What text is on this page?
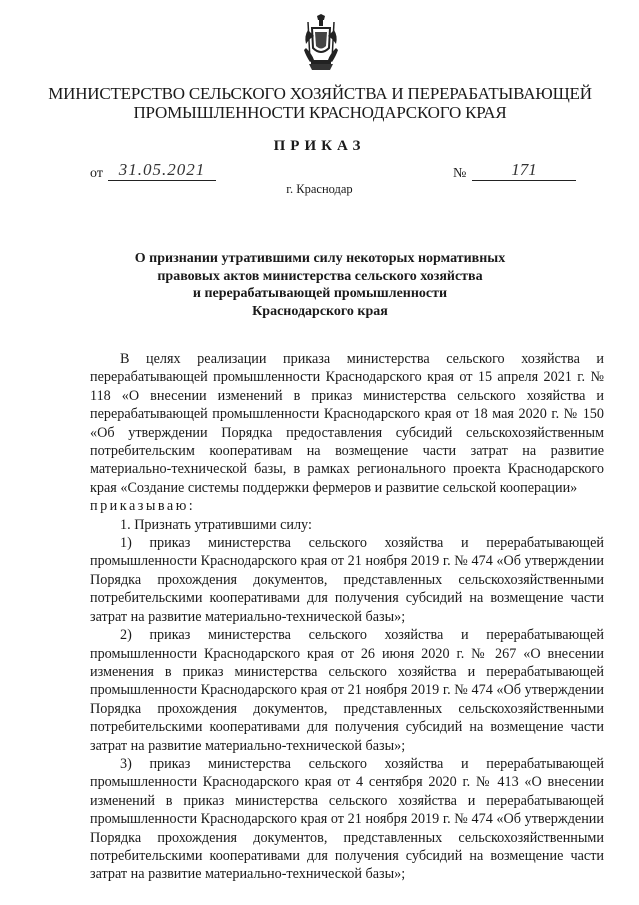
МИНИСТЕРСТВО СЕЛЬСКОГО ХОЗЯЙСТВА И ПЕРЕРАБАТЫВАЮЩЕЙ
ПРОМЫШЛЕННОСТИ КРАСНОДАРСКОГО КРАЯ
ПРИКАЗ
от 31.05.2021	№	171
г. Краснодар
О признании утратившими силу некоторых нормативных
правовых актов министерства сельского хозяйства
и перерабатывающей промышленности
Краснодарского края

В целях реализации приказа министерства сельского хозяйства и перерабатывающей промышленности Краснодарского края от 15 апреля 2021 г. № 118 «О внесении изменений в приказ министерства сельского хозяйства и перерабатывающей промышленности Краснодарского края от 18 мая 2020 г. № 150 «Об утверждении Порядка предоставления субсидий сельскохозяйственным потребительским кооперативам на возмещение части затрат на развитие материально-технической базы, в рамках регионального проекта Краснодарского края «Создание системы поддержки фермеров и развитие сельской кооперации»

приказываю:

1. Признать утратившими силу:

1) приказ министерства сельского хозяйства и перерабатывающей промышленности Краснодарского края от 21 ноября 2019 г. № 474 «Об утверждении Порядка прохождения документов, представленных сельскохозяйственными потребительскими кооперативами для получения субсидий на возмещение части затрат на развитие материально-технической базы»;

2) приказ министерства сельского хозяйства и перерабатывающей промышленности Краснодарского края от 26 июня 2020 г. № 267 «О внесении изменения в приказ министерства сельского хозяйства и перерабатывающей промышленности Краснодарского края от 21 ноября 2019 г. № 474 «Об утверждении Порядка прохождения документов, представленных сельскохозяйственными потребительскими кооперативами для получения субсидий на возмещение части затрат на развитие материально-технической базы»;

3) приказ министерства сельского хозяйства и перерабатывающей промышленности Краснодарского края от 4 сентября 2020 г. № 413 «О внесении изменений в приказ министерства сельского хозяйства и перерабатывающей промышленности Краснодарского края от 21 ноября 2019 г. № 474 «Об утверждении Порядка прохождения документов, представленных сельскохозяйственными потребительскими кооперативами для получения субсидий на возмещение части затрат на развитие материально-технической базы»;
